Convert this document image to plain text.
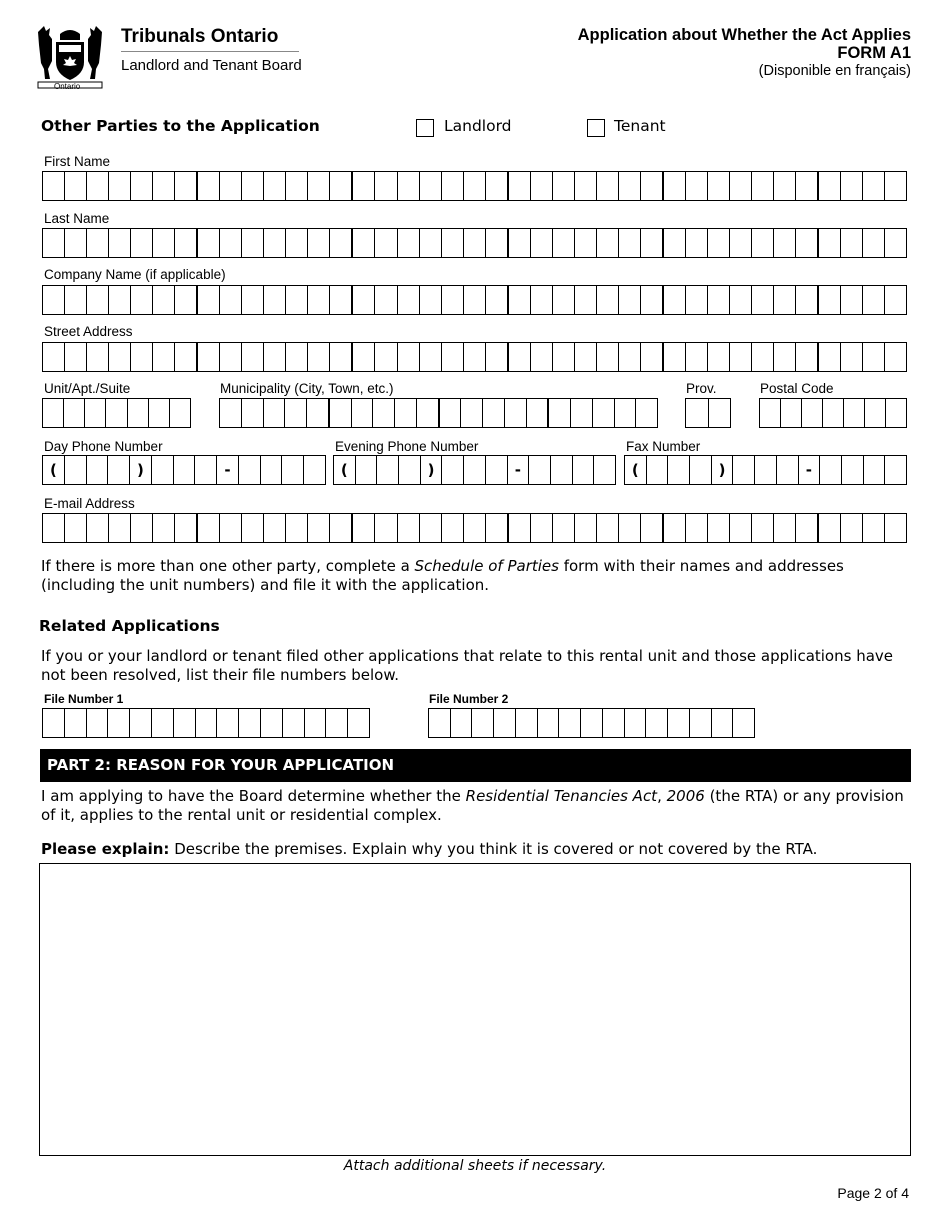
Ontario
Tribunals Ontario
Landlord and Tenant Board
Application about Whether the Act Applies
FORM A1
(Disponible en français)
Other Parties to the Application	Landlord	Tenant
First Name
Last Name
Company Name (if applicable)
Street Address
Unit/Apt./Suite	Municipality (City, Town, etc.)	Prov.	Postal Code
Day Phone Number
(	)	-
Evening Phone Number
(	)	-
Fax Number
(	)	-
E-mail Address
If there is more than one other party, complete a Schedule of Parties form with their names and addresses (including the unit numbers) and file it with the application.
Related Applications
If you or your landlord or tenant filed other applications that relate to this rental unit and those applications have not been resolved, list their file numbers below.
File Number 1	File Number 2
PART 2: REASON FOR YOUR APPLICATION
I am applying to have the Board determine whether the Residential Tenancies Act, 2006 (the RTA) or any provision of it, applies to the rental unit or residential complex.
Please explain: Describe the premises. Explain why you think it is covered or not covered by the RTA.
Attach additional sheets if necessary.
Page 2 of 4
